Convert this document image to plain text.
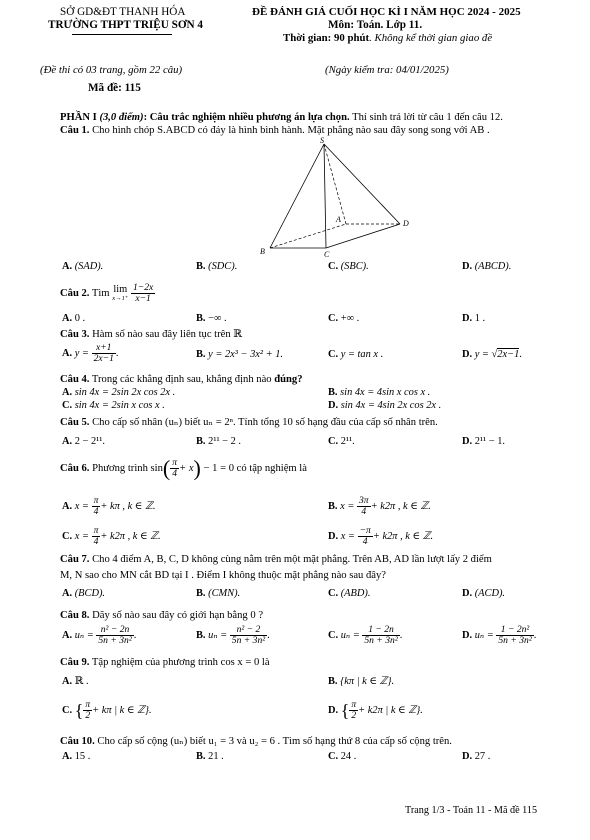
SỞ GD&ĐT THANH HÓA
TRƯỜNG THPT TRIỆU SƠN 4
(Đề thi có 03 trang, gồm 22 câu)
Mã đề: 115
ĐỀ ĐÁNH GIÁ CUỐI HỌC KÌ I NĂM HỌC 2024 - 2025
Môn: Toán. Lớp 11.
Thời gian: 90 phút. Không kể thời gian giao đề
(Ngày kiểm tra: 04/01/2025)
PHẦN I (3,0 điểm): Câu trắc nghiệm nhiều phương án lựa chọn. Thí sinh trả lời từ câu 1 đến câu 12.
Câu 1. Cho hình chóp S.ABCD có đáy là hình bình hành. Mặt phẳng nào sau đây song song với AB .
S
A
B	C
D
A. (SAD).	B. (SDC).	C. (SBC).	D. (ABCD).
Câu 2. Tìm lim
x→1⁺
$\frac{1-2x}{x-1}$
A. 0 .	B. −∞ .	C. +∞ .	D. 1 .
Câu 3. Hàm số nào sau đây liên tục trên ℝ
A. $y = \frac{x+1}{2x-1}$ .	B. y = 2x³ − 3x² + 1.	C. y = tan x .	D. y = √2x−1.
Câu 4. Trong các khẳng định sau, khẳng định nào đúng?
A. sin 4x = 2sin 2x cos 2x .	B. sin 4x = 4sin x cos x .
C. sin 4x = 2sin x cos x .	D. sin 4x = 4sin 2x cos 2x .
Câu 5. Cho cấp số nhân (uₙ) biết uₙ = 2ⁿ. Tính tổng 10 số hạng đầu của cấp số nhân trên.
A. 2 − 2¹¹.	B. 2¹¹ − 2 .	C. 2¹¹.	D. 2¹¹ − 1.
Câu 6. Phương trình $\sin( \frac{\pi}{4} + x) - 1 = 0$ có tập nghiệm là
A. $x = \frac{\pi}{4} + k\pi$ , k ∈ ℤ.	B. $x = \frac{3\pi}{4} + k2\pi$ , k ∈ ℤ.
C. $x = \frac{\pi}{4} + k2\pi$ , k ∈ ℤ.	D. $x = \frac{-\pi}{4} + k2\pi$ , k ∈ ℤ.
Câu 7. Cho 4 điểm A, B, C, D không cùng nằm trên một mặt phẳng. Trên AB, AD lần lượt lấy 2 điểm
M, N sao cho MN cắt BD tại I . Điểm I không thuộc mặt phẳng nào sau đây?
A. (BCD).	B. (CMN).	C. (ABD).	D. (ACD).
Câu 8. Dãy số nào sau đây có giới hạn bằng 0 ?
A. $u_n = \frac{\text{n² − 2n}}{\text{5n + 3n²}}$ .	B. $u_n = \frac{\text{n² − 2}}{\text{5n + 3n²}}$ .	C. $u_n = \frac{1 - 2n}{\text{5n + 3n²}}$ .	D. $u_n = \frac{\text{1 − 2n²}}{\text{5n + 3n²}}$ .
Câu 9. Tập nghiệm của phương trình cos x = 0 là
A. ℝ .	B. {kπ | k ∈ ℤ}.
C. { $\frac{\pi}{2} + k\pi$ | k ∈ ℤ}.	D. { $\frac{\pi}{2} + k2\pi$ | k ∈ ℤ}.
Câu 10. Cho cấp số cộng (uₙ) biết u₁ = 3 và u₂ = 6 . Tìm số hạng thứ 8 của cấp số cộng trên.
A. 15 .	B. 21 .	C. 24 .	D. 27 .
Trang 1/3 - Toán 11 - Mã đề 115
